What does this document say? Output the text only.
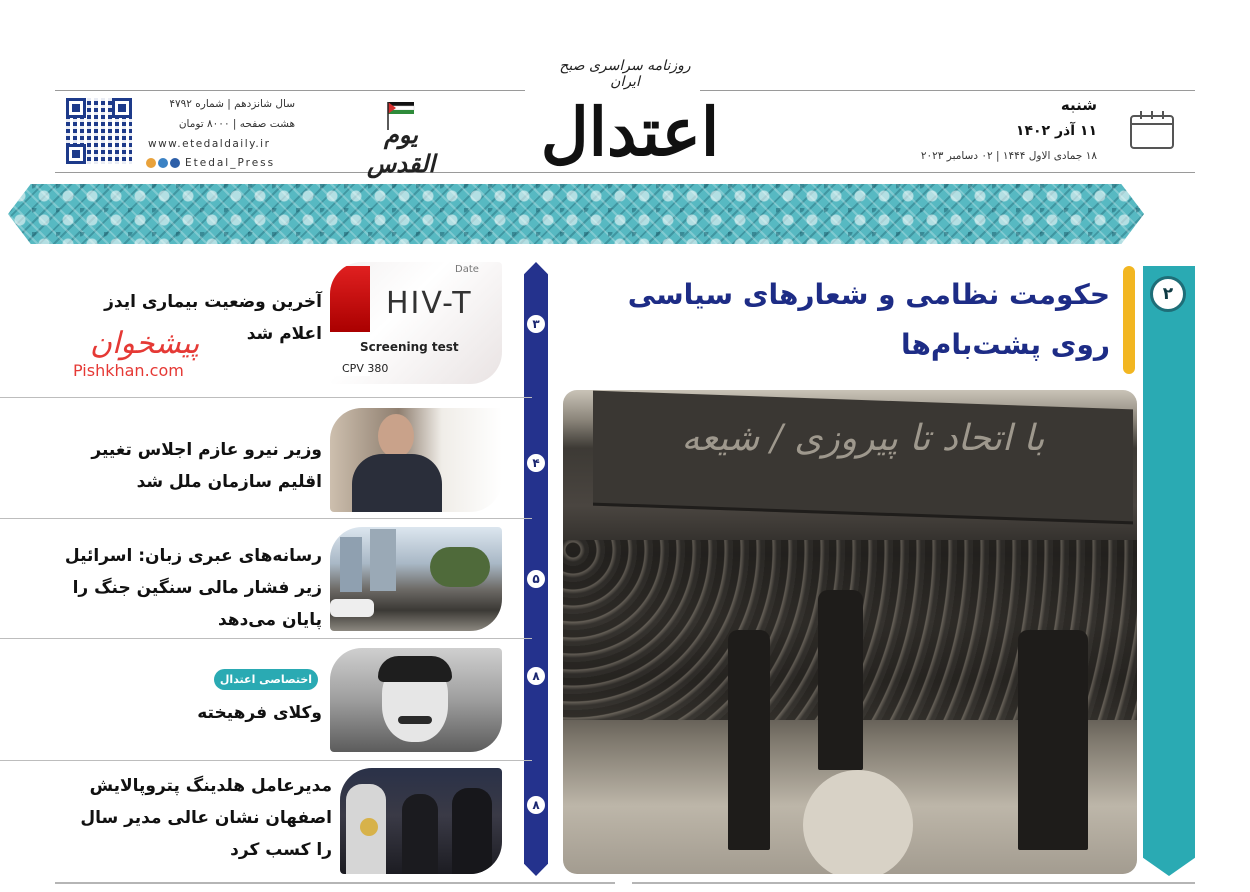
سال شانزدهم | شماره ۴۷۹۲
هشت صفحه | ۸۰۰۰ تومان
www.etedaldaily.ir
Etedal_Press
یوم القدس
روزنامه سراسری صبح ایران
اعتدال	شنبه
۱۱ آذر ۱۴۰۲
۱۸ جمادی الاول ۱۴۴۴ | ۰۲ دسامبر ۲۰۲۳
۲
حکومت نظامی و شعارهای سیاسی روی پشت‌بام‌ها
با اتحاد تا پیروزی / شیعه
HIV-T
Screening test
CPV 380
Date
آخرین وضعیت بیماری ایدز اعلام شد
پیشخوان
Pishkhan.com
۳
وزیر نیرو عازم اجلاس تغییر اقلیم سازمان ملل شد
۴
رسانه‌های عبری زبان: اسرائیل زیر فشار مالی سنگین جنگ را پایان می‌دهد
۵
اختصاصی اعتدال
وکلای فرهیخته
۸
مدیرعامل هلدینگ پتروپالایش اصفهان نشان عالی مدیر سال را کسب کرد
۸
